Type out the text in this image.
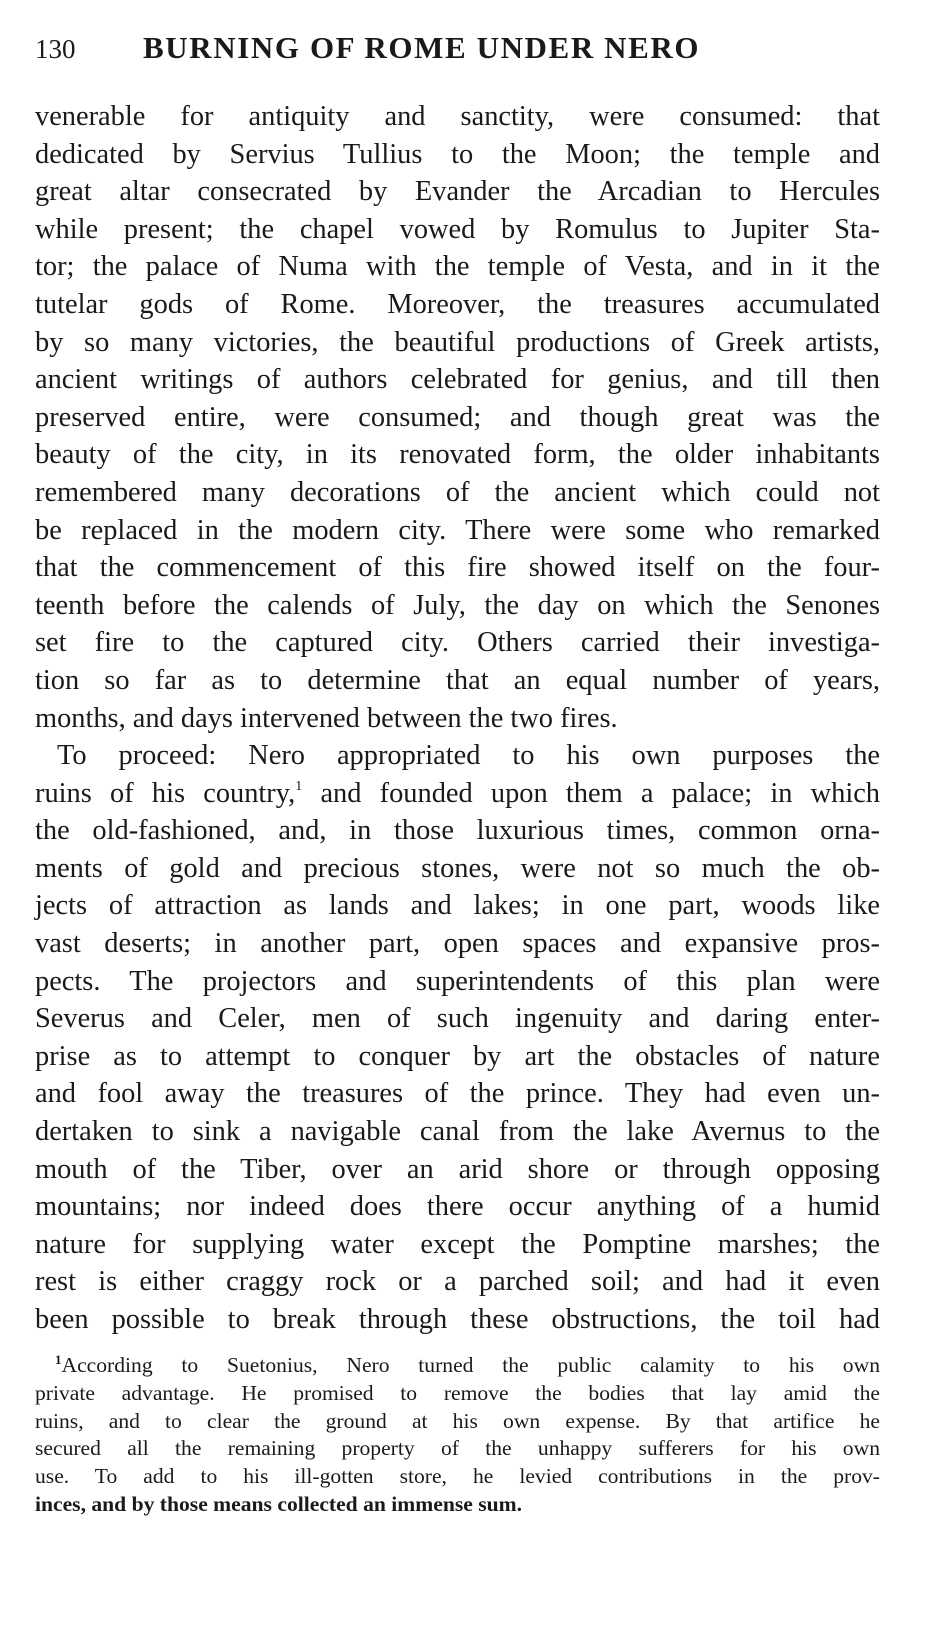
130 BURNING OF ROME UNDER NERO
venerable for antiquity and sanctity, were consumed: that
dedicated by Servius Tullius to the Moon; the temple and
great altar consecrated by Evander the Arcadian to Hercules
while present; the chapel vowed by Romulus to Jupiter Sta-
tor; the palace of Numa with the temple of Vesta, and in it the
tutelar gods of Rome. Moreover, the treasures accumulated
by so many victories, the beautiful productions of Greek artists,
ancient writings of authors celebrated for genius, and till then
preserved entire, were consumed; and though great was the
beauty of the city, in its renovated form, the older inhabitants
remembered many decorations of the ancient which could not
be replaced in the modern city. There were some who remarked
that the commencement of this fire showed itself on the four-
teenth before the calends of July, the day on which the Senones
set fire to the captured city. Others carried their investiga-
tion so far as to determine that an equal number of years,
months, and days intervened between the two fires.
To proceed: Nero appropriated to his own purposes the
ruins of his country,$^1$ and founded upon them a palace; in which
the old-fashioned, and, in those luxurious times, common orna-
ments of gold and precious stones, were not so much the ob-
jects of attraction as lands and lakes; in one part, woods like
vast deserts; in another part, open spaces and expansive pros-
pects. The projectors and superintendents of this plan were
Severus and Celer, men of such ingenuity and daring enter-
prise as to attempt to conquer by art the obstacles of nature
and fool away the treasures of the prince. They had even un-
dertaken to sink a navigable canal from the lake Avernus to the
mouth of the Tiber, over an arid shore or through opposing
mountains; nor indeed does there occur anything of a humid
nature for supplying water except the Pomptine marshes; the
rest is either craggy rock or a parched soil; and had it even
been possible to break through these obstructions, the toil had
$^1$According to Suetonius, Nero turned the public calamity to his own
private advantage. He promised to remove the bodies that lay amid the
ruins, and to clear the ground at his own expense. By that artifice he
secured all the remaining property of the unhappy sufferers for his own
use. To add to his ill-gotten store, he levied contributions in the prov-
inces, and by those means collected an immense sum.
